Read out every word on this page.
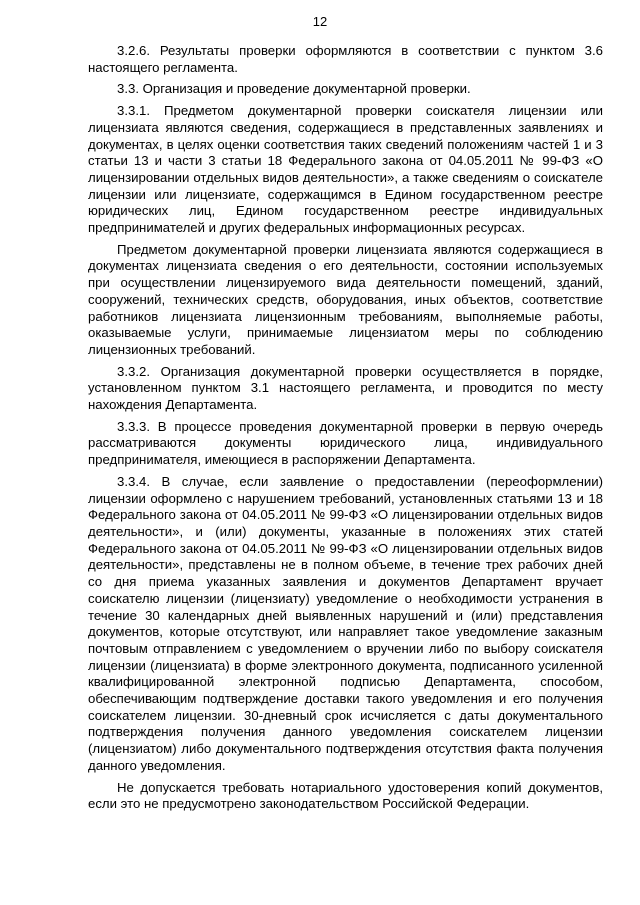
12

3.2.6. Результаты проверки оформляются в соответствии с пунктом 3.6 настоящего регламента.

3.3. Организация и проведение документарной проверки.

3.3.1. Предметом документарной проверки соискателя лицензии или лицензиата являются сведения, содержащиеся в представленных заявлениях и документах, в целях оценки соответствия таких сведений положениям частей 1 и 3 статьи 13 и части 3 статьи 18 Федерального закона от 04.05.2011 № 99-ФЗ «О лицензировании отдельных видов деятельности», а также сведениям о соискателе лицензии или лицензиате, содержащимся в Едином государственном реестре юридических лиц, Едином государственном реестре индивидуальных предпринимателей и других федеральных информационных ресурсах.

Предметом документарной проверки лицензиата являются содержащиеся в документах лицензиата сведения о его деятельности, состоянии используемых при осуществлении лицензируемого вида деятельности помещений, зданий, сооружений, технических средств, оборудования, иных объектов, соответствие работников лицензиата лицензионным требованиям, выполняемые работы, оказываемые услуги, принимаемые лицензиатом меры по соблюдению лицензионных требований.

3.3.2. Организация документарной проверки осуществляется в порядке, установленном пунктом 3.1 настоящего регламента, и проводится по месту нахождения Департамента.

3.3.3. В процессе проведения документарной проверки в первую очередь рассматриваются документы юридического лица, индивидуального предпринимателя, имеющиеся в распоряжении Департамента.

3.3.4. В случае, если заявление о предоставлении (переоформлении) лицензии оформлено с нарушением требований, установленных статьями 13 и 18 Федерального закона от 04.05.2011 № 99-ФЗ «О лицензировании отдельных видов деятельности», и (или) документы, указанные в положениях этих статей Федерального закона от 04.05.2011 № 99-ФЗ «О лицензировании отдельных видов деятельности», представлены не в полном объеме, в течение трех рабочих дней со дня приема указанных заявления и документов Департамент вручает соискателю лицензии (лицензиату) уведомление о необходимости устранения в течение 30 календарных дней выявленных нарушений и (или) представления документов, которые отсутствуют, или направляет такое уведомление заказным почтовым отправлением с уведомлением о вручении либо по выбору соискателя лицензии (лицензиата) в форме электронного документа, подписанного усиленной квалифицированной электронной подписью Департамента, способом, обеспечивающим подтверждение доставки такого уведомления и его получения соискателем лицензии. 30-дневный срок исчисляется с даты документального подтверждения получения данного уведомления соискателем лицензии (лицензиатом) либо документального подтверждения отсутствия факта получения данного уведомления.

Не допускается требовать нотариального удостоверения копий документов, если это не предусмотрено законодательством Российской Федерации.
